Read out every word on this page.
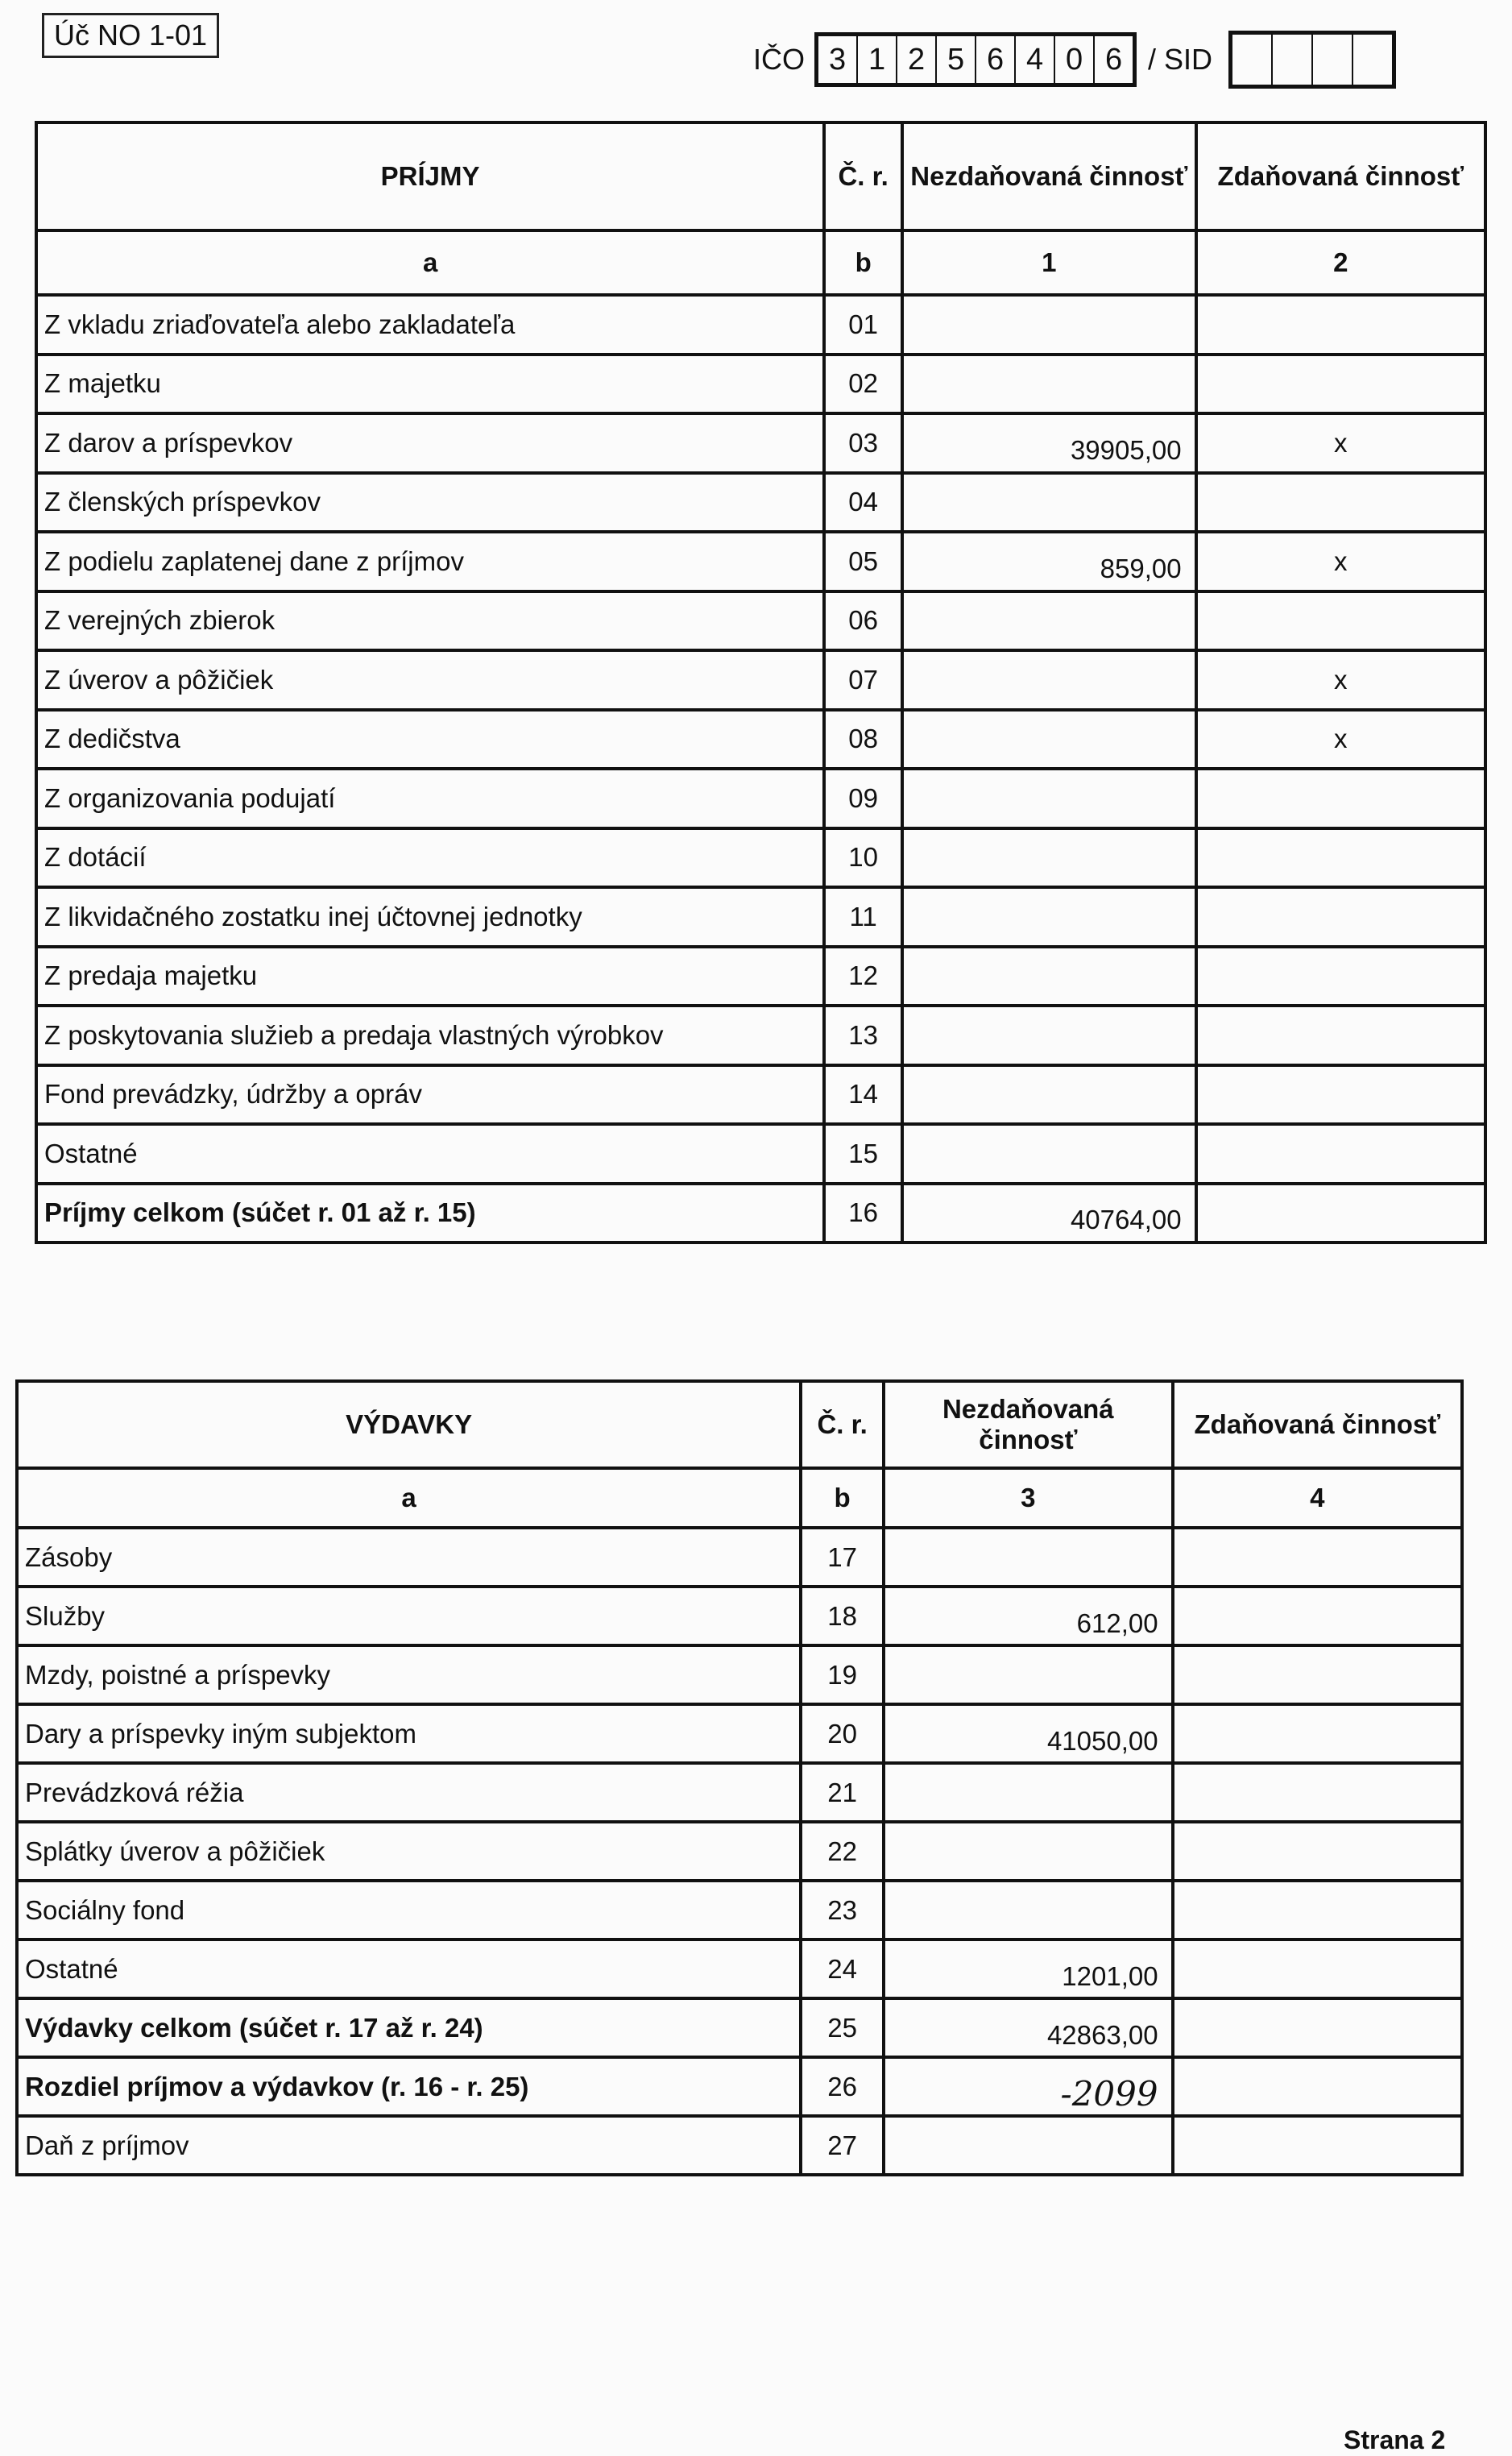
Úč NO 1-01
IČO 3 1 2 5 6 4 0 6 / SID
PRÍJMY	Č. r.	Nezdaňovaná činnosť	Zdaňovaná činnosť
a	b	1	2
Z vkladu zriaďovateľa alebo zakladateľa	01		
Z majetku	02		
Z darov a príspevkov	03	39905,00	x
Z členských príspevkov	04		
Z podielu zaplatenej dane z príjmov	05	859,00	x
Z verejných zbierok	06		
Z úverov a pôžičiek	07		x
Z dedičstva	08		x
Z organizovania podujatí	09		
Z dotácií	10		
Z likvidačného zostatku inej účtovnej jednotky	11		
Z predaja majetku	12		
Z poskytovania služieb a predaja vlastných výrobkov	13		
Fond prevádzky, údržby a opráv	14		
Ostatné	15		
Príjmy celkom (súčet r. 01 až r. 15)	16	40764,00	
VÝDAVKY	Č. r.	Nezdaňovaná činnosť	Zdaňovaná činnosť
a	b	3	4
Zásoby	17		
Služby	18	612,00	
Mzdy, poistné a príspevky	19		
Dary a príspevky iným subjektom	20	41050,00	
Prevádzková réžia	21		
Splátky úverov a pôžičiek	22		
Sociálny fond	23		
Ostatné	24	1201,00	
Výdavky celkom (súčet r. 17 až r. 24)	25	42863,00	
Rozdiel príjmov a výdavkov (r. 16 - r. 25)	26	-2099	
Daň z príjmov	27		
Strana 2
